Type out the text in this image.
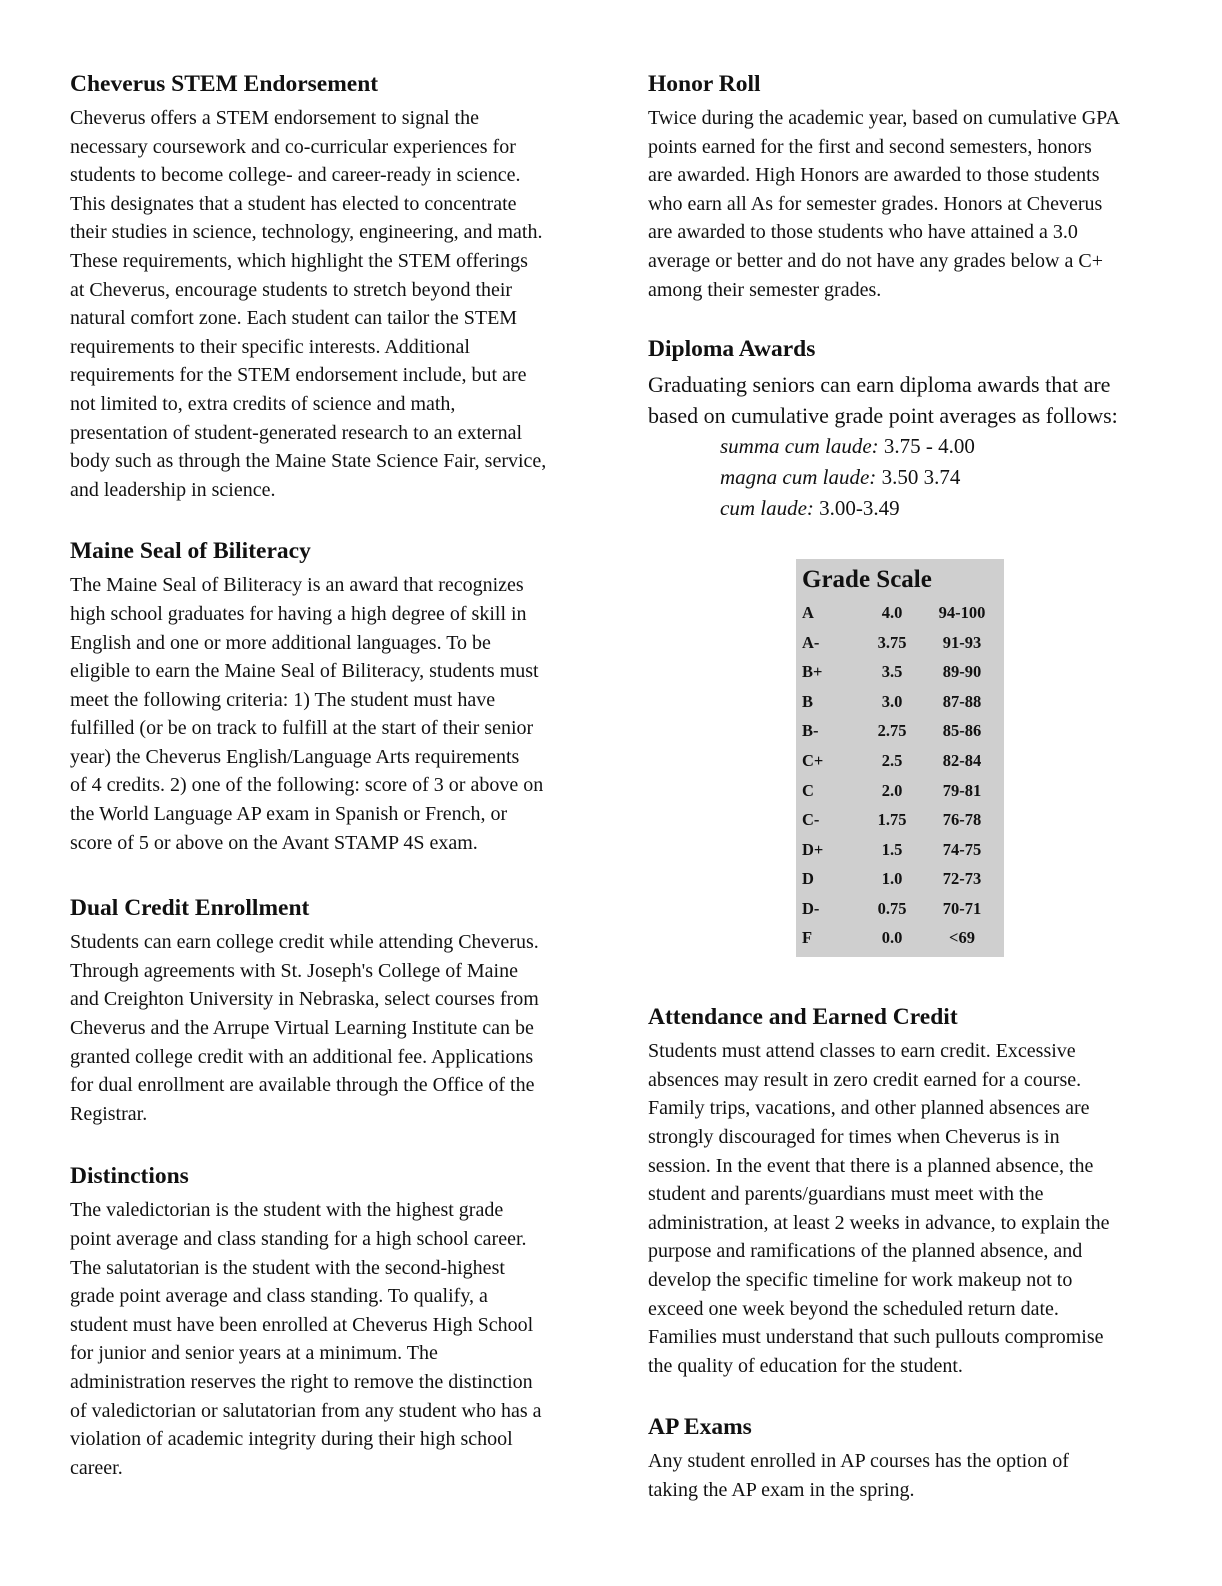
Cheverus STEM Endorsement

Cheverus offers a STEM endorsement to signal the
necessary coursework and co-curricular experiences for
students to become college- and career-ready in science.
This designates that a student has elected to concentrate
their studies in science, technology, engineering, and math.
These requirements, which highlight the STEM offerings
at Cheverus, encourage students to stretch beyond their
natural comfort zone. Each student can tailor the STEM
requirements to their specific interests. Additional
requirements for the STEM endorsement include, but are
not limited to, extra credits of science and math,
presentation of student-generated research to an external
body such as through the Maine State Science Fair, service,
and leadership in science.

Maine Seal of Biliteracy

The Maine Seal of Biliteracy is an award that recognizes
high school graduates for having a high degree of skill in
English and one or more additional languages. To be
eligible to earn the Maine Seal of Biliteracy, students must
meet the following criteria: 1) The student must have
fulfilled (or be on track to fulfill at the start of their senior
year) the Cheverus English/Language Arts requirements
of 4 credits. 2) one of the following: score of 3 or above on
the World Language AP exam in Spanish or French, or
score of 5 or above on the Avant STAMP 4S exam.

Dual Credit Enrollment

Students can earn college credit while attending Cheverus.
Through agreements with St. Joseph's College of Maine
and Creighton University in Nebraska, select courses from
Cheverus and the Arrupe Virtual Learning Institute can be
granted college credit with an additional fee. Applications
for dual enrollment are available through the Office of the
Registrar.

Distinctions

The valedictorian is the student with the highest grade
point average and class standing for a high school career.
The salutatorian is the student with the second-highest
grade point average and class standing. To qualify, a
student must have been enrolled at Cheverus High School
for junior and senior years at a minimum. The
administration reserves the right to remove the distinction
of valedictorian or salutatorian from any student who has a
violation of academic integrity during their high school
career.

Honor Roll

Twice during the academic year, based on cumulative GPA
points earned for the first and second semesters, honors
are awarded. High Honors are awarded to those students
who earn all As for semester grades. Honors at Cheverus
are awarded to those students who have attained a 3.0
average or better and do not have any grades below a C+
among their semester grades.

Diploma Awards

Graduating seniors can earn diploma awards that are
based on cumulative grade point averages as follows:

summa cum laude: 3.75 - 4.00
magna cum laude: 3.50 3.74
cum laude: 3.00-3.49
Grade Scale
A	4.0	94-100
A-	3.75	91-93
B+	3.5	89-90
B	3.0	87-88
B-	2.75	85-86
C+	2.5	82-84
C	2.0	79-81
C-	1.75	76-78
D+	1.5	74-75
D	1.0	72-73
D-	0.75	70-71
F	0.0	<69
Attendance and Earned Credit

Students must attend classes to earn credit. Excessive
absences may result in zero credit earned for a course.
Family trips, vacations, and other planned absences are
strongly discouraged for times when Cheverus is in
session. In the event that there is a planned absence, the
student and parents/guardians must meet with the
administration, at least 2 weeks in advance, to explain the
purpose and ramifications of the planned absence, and
develop the specific timeline for work makeup not to
exceed one week beyond the scheduled return date.
Families must understand that such pullouts compromise
the quality of education for the student.

AP Exams

Any student enrolled in AP courses has the option of
taking the AP exam in the spring.
